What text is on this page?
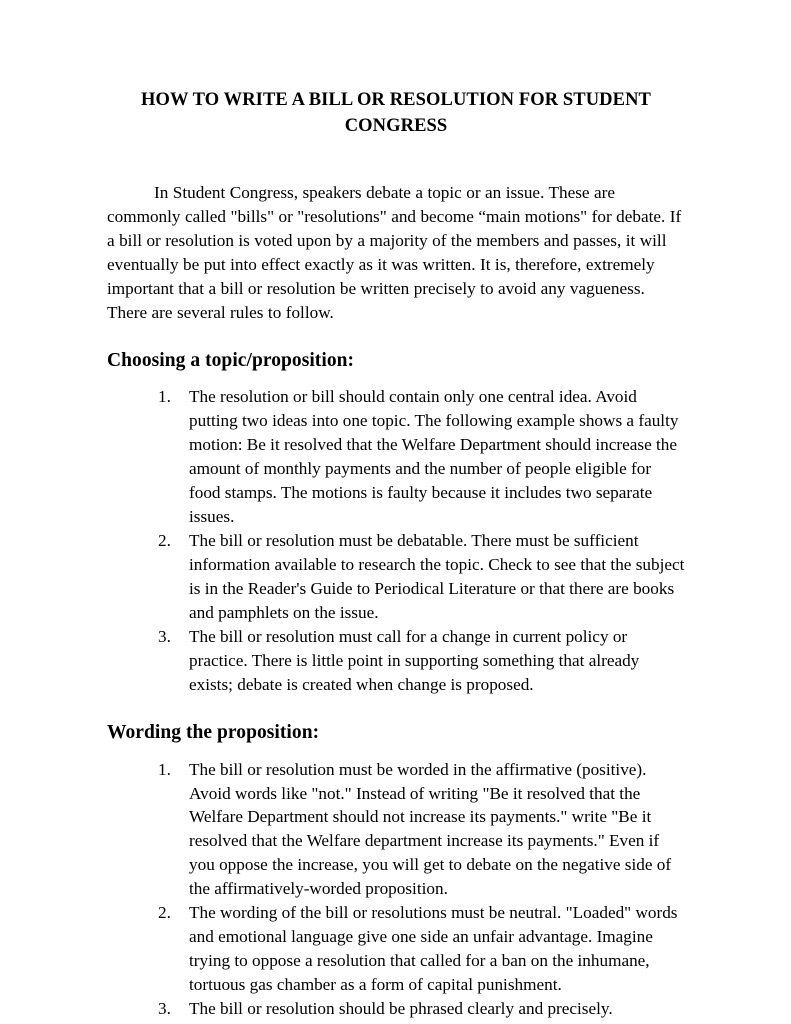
HOW TO WRITE A BILL OR RESOLUTION FOR STUDENT CONGRESS

In Student Congress, speakers debate a topic or an issue. These are commonly called "bills" or "resolutions" and become “main motions" for debate. If a bill or resolution is voted upon by a majority of the members and passes, it will eventually be put into effect exactly as it was written. It is, therefore, extremely important that a bill or resolution be written precisely to avoid any vagueness. There are several rules to follow.

Choosing a topic/proposition:
The resolution or bill should contain only one central idea. Avoid putting two ideas into one topic. The following example shows a faulty motion: Be it resolved that the Welfare Department should increase the amount of monthly payments and the number of people eligible for food stamps. The motions is faulty because it includes two separate issues.
The bill or resolution must be debatable. There must be sufficient information available to research the topic. Check to see that the subject is in the Reader's Guide to Periodical Literature or that there are books and pamphlets on the issue.
The bill or resolution must call for a change in current policy or practice. There is little point in supporting something that already exists; debate is created when change is proposed.
Wording the proposition:
The bill or resolution must be worded in the affirmative (positive). Avoid words like "not." Instead of writing "Be it resolved that the Welfare Department should not increase its payments." write "Be it resolved that the Welfare department increase its payments." Even if you oppose the increase, you will get to debate on the negative side of the affirmatively-worded proposition.
The wording of the bill or resolutions must be neutral. "Loaded" words and emotional language give one side an unfair advantage. Imagine trying to oppose a resolution that called for a ban on the inhumane, tortuous gas chamber as a form of capital punishment.
The bill or resolution should be phrased clearly and precisely.
